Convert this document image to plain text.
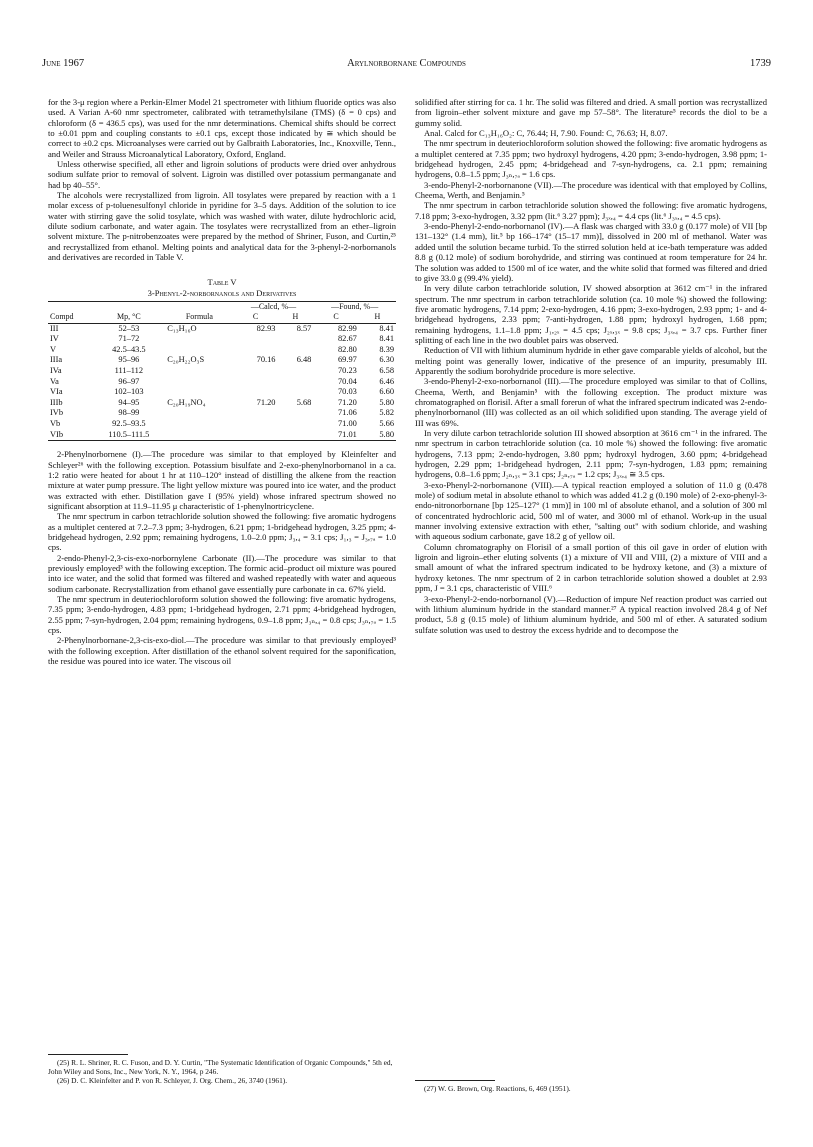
June 1967	Arylnorbornane Compounds	1739

for the 3-μ region where a Perkin-Elmer Model 21 spectrometer with lithium fluoride optics was also used. A Varian A-60 nmr spectrometer, calibrated with tetramethylsilane (TMS) (δ = 0 cps) and chloroform (δ = 436.5 cps), was used for the nmr determinations. Chemical shifts should be correct to ±0.01 ppm and coupling constants to ±0.1 cps, except those indicated by ≅ which should be correct to ±0.2 cps. Microanalyses were carried out by Galbraith Laboratories, Inc., Knoxville, Tenn., and Weiler and Strauss Microanalytical Laboratory, Oxford, England.

Unless otherwise specified, all ether and ligroin solutions of products were dried over anhydrous sodium sulfate prior to removal of solvent. Ligroin was distilled over potassium permanganate and had bp 40–55°.

The alcohols were recrystallized from ligroin. All tosylates were prepared by reaction with a 1 molar excess of p-toluenesulfonyl chloride in pyridine for 3–5 days. Addition of the solution to ice water with stirring gave the solid tosylate, which was washed with water, dilute hydrochloric acid, dilute sodium carbonate, and water again. The tosylates were recrystallized from an ether–ligroin solvent mixture. The p-nitrobenzoates were prepared by the method of Shriner, Fuson, and Curtin,²⁵ and recrystallized from ethanol. Melting points and analytical data for the 3-phenyl-2-norbornanols and derivatives are recorded in Table V.

Table V
3-Phenyl-2-norbornanols and Derivatives
			—Calcd, %—		—Found, %—	
Compd	Mp, °C	Formula	C	H	C	H
III	52–53	C₁₃H₁₆O	82.93	8.57	82.99	8.41
IV	71–72				82.67	8.41
V	42.5–43.5				82.80	8.39
IIIa	95–96	C₂₀H₂₂O₃S	70.16	6.48	69.97	6.30
IVa	111–112				70.23	6.58
Va	96–97				70.04	6.46
VIa	102–103				70.03	6.60
IIIb	94–95	C₂₀H₁₉NO₄	71.20	5.68	71.20	5.80
IVb	98–99				71.06	5.82
Vb	92.5–93.5				71.00	5.66
VIb	110.5–111.5				71.01	5.80

2-Phenylnorbornene (I).—The procedure was similar to that employed by Kleinfelter and Schleyer²⁶ with the following exception. Potassium bisulfate and 2-exo-phenylnorbornanol in a ca. 1:2 ratio were heated for about 1 hr at 110–120° instead of distilling the alkene from the reaction mixture at water pump pressure. The light yellow mixture was poured into ice water, and the product was extracted with ether. Distillation gave I (95% yield) whose infrared spectrum showed no significant absorption at 11.9–11.95 μ characteristic of 1-phenylnortricyclene.

The nmr spectrum in carbon tetrachloride solution showed the following: five aromatic hydrogens as a multiplet centered at 7.2–7.3 ppm; 3-hydrogen, 6.21 ppm; 1-bridgehead hydrogen, 3.25 ppm; 4-bridgehead hydrogen, 2.92 ppm; remaining hydrogens, 1.0–2.0 ppm; J₃,₄ = 3.1 cps; J₁,₃ = J₃,₇ₐ = 1.0 cps.

2-endo-Phenyl-2,3-cis-exo-norbornylene Carbonate (II).—The procedure was similar to that previously employed³ with the following exception. The formic acid–product oil mixture was poured into ice water, and the solid that formed was filtered and washed repeatedly with water and aqueous sodium carbonate. Recrystallization from ethanol gave essentially pure carbonate in ca. 67% yield.

The nmr spectrum in deuteriochloroform solution showed the following: five aromatic hydrogens, 7.35 ppm; 3-endo-hydrogen, 4.83 ppm; 1-bridgehead hydrogen, 2.71 ppm; 4-bridgehead hydrogen, 2.55 ppm; 7-syn-hydrogen, 2.04 ppm; remaining hydrogens, 0.9–1.8 ppm; J₃ₙ,₄ = 0.8 cps; J₃ₙ,₇ₐ = 1.5 cps.

2-Phenylnorbornane-2,3-cis-exo-diol.—The procedure was similar to that previously employed³ with the following exception. After distillation of the ethanol solvent required for the saponification, the residue was poured into ice water. The viscous oil

(25) R. L. Shriner, R. C. Fuson, and D. Y. Curtin, "The Systematic Identification of Organic Compounds," 5th ed, John Wiley and Sons, Inc., New York, N. Y., 1964, p 246.

(26) D. C. Kleinfelter and P. von R. Schleyer, J. Org. Chem., 26, 3740 (1961).

solidified after stirring for ca. 1 hr. The solid was filtered and dried. A small portion was recrystallized from ligroin–ether solvent mixture and gave mp 57–58°. The literature⁵ records the diol to be a gummy solid.

Anal. Calcd for C₁₃H₁₆O₂: C, 76.44; H, 7.90. Found: C, 76.63; H, 8.07.

The nmr spectrum in deuteriochloroform solution showed the following: five aromatic hydrogens as a multiplet centered at 7.35 ppm; two hydroxyl hydrogens, 4.20 ppm; 3-endo-hydrogen, 3.98 ppm; 1-bridgehead hydrogen, 2.45 ppm; 4-bridgehead and 7-syn-hydrogens, ca. 2.1 ppm; remaining hydrogens, 0.8–1.5 ppm; J₃ₙ,₇ₐ = 1.6 cps.

3-endo-Phenyl-2-norbornanone (VII).—The procedure was identical with that employed by Collins, Cheema, Werth, and Benjamin.⁵

The nmr spectrum in carbon tetrachloride solution showed the following: five aromatic hydrogens, 7.18 ppm; 3-exo-hydrogen, 3.32 ppm (lit.⁶ 3.27 ppm); J₃ₓ,₄ = 4.4 cps (lit.⁶ J₃ₓ,₄ = 4.5 cps).

3-endo-Phenyl-2-endo-norbornanol (IV).—A flask was charged with 33.0 g (0.177 mole) of VII [bp 131–132° (1.4 mm), lit.⁵ bp 166–174° (15–17 mm)], dissolved in 200 ml of methanol. Water was added until the solution became turbid. To the stirred solution held at ice-bath temperature was added 8.8 g (0.12 mole) of sodium borohydride, and stirring was continued at room temperature for 24 hr. The solution was added to 1500 ml of ice water, and the white solid that formed was filtered and dried to give 33.0 g (99.4% yield).

In very dilute carbon tetrachloride solution, IV showed absorption at 3612 cm⁻¹ in the infrared spectrum. The nmr spectrum in carbon tetrachloride solution (ca. 10 mole %) showed the following: five aromatic hydrogens, 7.14 ppm; 2-exo-hydrogen, 4.16 ppm; 3-exo-hydrogen, 2.93 ppm; 1- and 4-bridgehead hydrogens, 2.33 ppm; 7-anti-hydrogen, 1.88 ppm; hydroxyl hydrogen, 1.68 ppm; remaining hydrogens, 1.1–1.8 ppm; J₁,₂ₓ = 4.5 cps; J₂ₓ,₃ₓ = 9.8 cps; J₃ₓ,₄ = 3.7 cps. Further finer splitting of each line in the two doublet pairs was observed.

Reduction of VII with lithium aluminum hydride in ether gave comparable yields of alcohol, but the melting point was generally lower, indicative of the presence of an impurity, presumably III. Apparently the sodium borohydride procedure is more selective.

3-endo-Phenyl-2-exo-norbornanol (III).—The procedure employed was similar to that of Collins, Cheema, Werth, and Benjamin⁵ with the following exception. The product mixture was chromatographed on florisil. After a small forerun of what the infrared spectrum indicated was 2-endo-phenylnorbornanol (III) was collected as an oil which solidified upon standing. The average yield of III was 69%.

In very dilute carbon tetrachloride solution III showed absorption at 3616 cm⁻¹ in the infrared. The nmr spectrum in carbon tetrachloride solution (ca. 10 mole %) showed the following: five aromatic hydrogens, 7.13 ppm; 2-endo-hydrogen, 3.80 ppm; hydroxyl hydrogen, 3.60 ppm; 4-bridgehead hydrogen, 2.29 ppm; 1-bridgehead hydrogen, 2.11 ppm; 7-syn-hydrogen, 1.83 ppm; remaining hydrogens, 0.8–1.6 ppm; J₂ₙ,₃ₓ = 3.1 cps; J₂ₙ,₇ₐ = 1.2 cps; J₃ₓ,₄ ≅ 3.5 cps.

3-exo-Phenyl-2-norbornanone (VIII).—A typical reaction employed a solution of 11.0 g (0.478 mole) of sodium metal in absolute ethanol to which was added 41.2 g (0.190 mole) of 2-exo-phenyl-3-endo-nitronorbornane [bp 125–127° (1 mm)] in 100 ml of absolute ethanol, and a solution of 300 ml of concentrated hydrochloric acid, 500 ml of water, and 3000 ml of ethanol. Work-up in the usual manner involving extensive extraction with ether, "salting out" with sodium chloride, and washing with aqueous sodium carbonate, gave 18.2 g of yellow oil.

Column chromatography on Florisil of a small portion of this oil gave in order of elution with ligroin and ligroin–ether eluting solvents (1) a mixture of VII and VIII, (2) a mixture of VIII and a small amount of what the infrared spectrum indicated to be hydroxy ketone, and (3) a mixture of hydroxy ketones. The nmr spectrum of 2 in carbon tetrachloride solution showed a doublet at 2.93 ppm, J = 3.1 cps, characteristic of VIII.⁶

3-exo-Phenyl-2-endo-norbornanol (V).—Reduction of impure Nef reaction product was carried out with lithium aluminum hydride in the standard manner.²⁷ A typical reaction involved 28.4 g of Nef product, 5.8 g (0.15 mole) of lithium aluminum hydride, and 500 ml of ether. A saturated sodium sulfate solution was used to destroy the excess hydride and to decompose the

(27) W. G. Brown, Org. Reactions, 6, 469 (1951).
